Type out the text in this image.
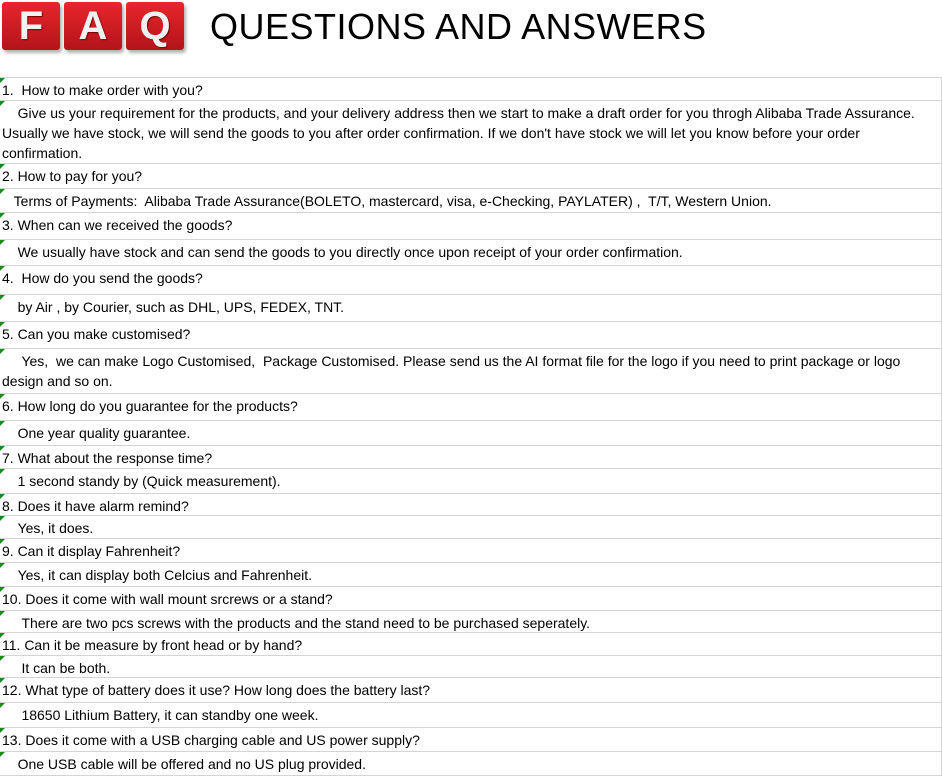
F A Q	QUESTIONS AND ANSWERS
1.  How to make order with you?
Give us your requirement for the products, and your delivery address then we start to make a draft order for you throgh Alibaba Trade Assurance. Usually we have stock, we will send the goods to you after order confirmation. If we don't have stock we will let you know before your order confirmation.
2. How to pay for you?
Terms of Payments:  Alibaba Trade Assurance(BOLETO, mastercard, visa, e-Checking, PAYLATER) ,  T/T, Western Union.
3. When can we received the goods?
We usually have stock and can send the goods to you directly once upon receipt of your order confirmation.
4.  How do you send the goods?
by Air , by Courier, such as DHL, UPS, FEDEX, TNT.
5. Can you make customised?
Yes,  we can make Logo Customised,  Package Customised. Please send us the AI format file for the logo if you need to print package or logo design and so on.
6. How long do you guarantee for the products?
One year quality guarantee.
7. What about the response time?
1 second standy by (Quick measurement).
8. Does it have alarm remind?
Yes, it does.
9. Can it display Fahrenheit?
Yes, it can display both Celcius and Fahrenheit.
10. Does it come with wall mount srcrews or a stand?
There are two pcs screws with the products and the stand need to be purchased seperately.
11. Can it be measure by front head or by hand?
It can be both.
12. What type of battery does it use? How long does the battery last?
18650 Lithium Battery, it can standby one week.
13. Does it come with a USB charging cable and US power supply?
One USB cable will be offered and no US plug provided.
